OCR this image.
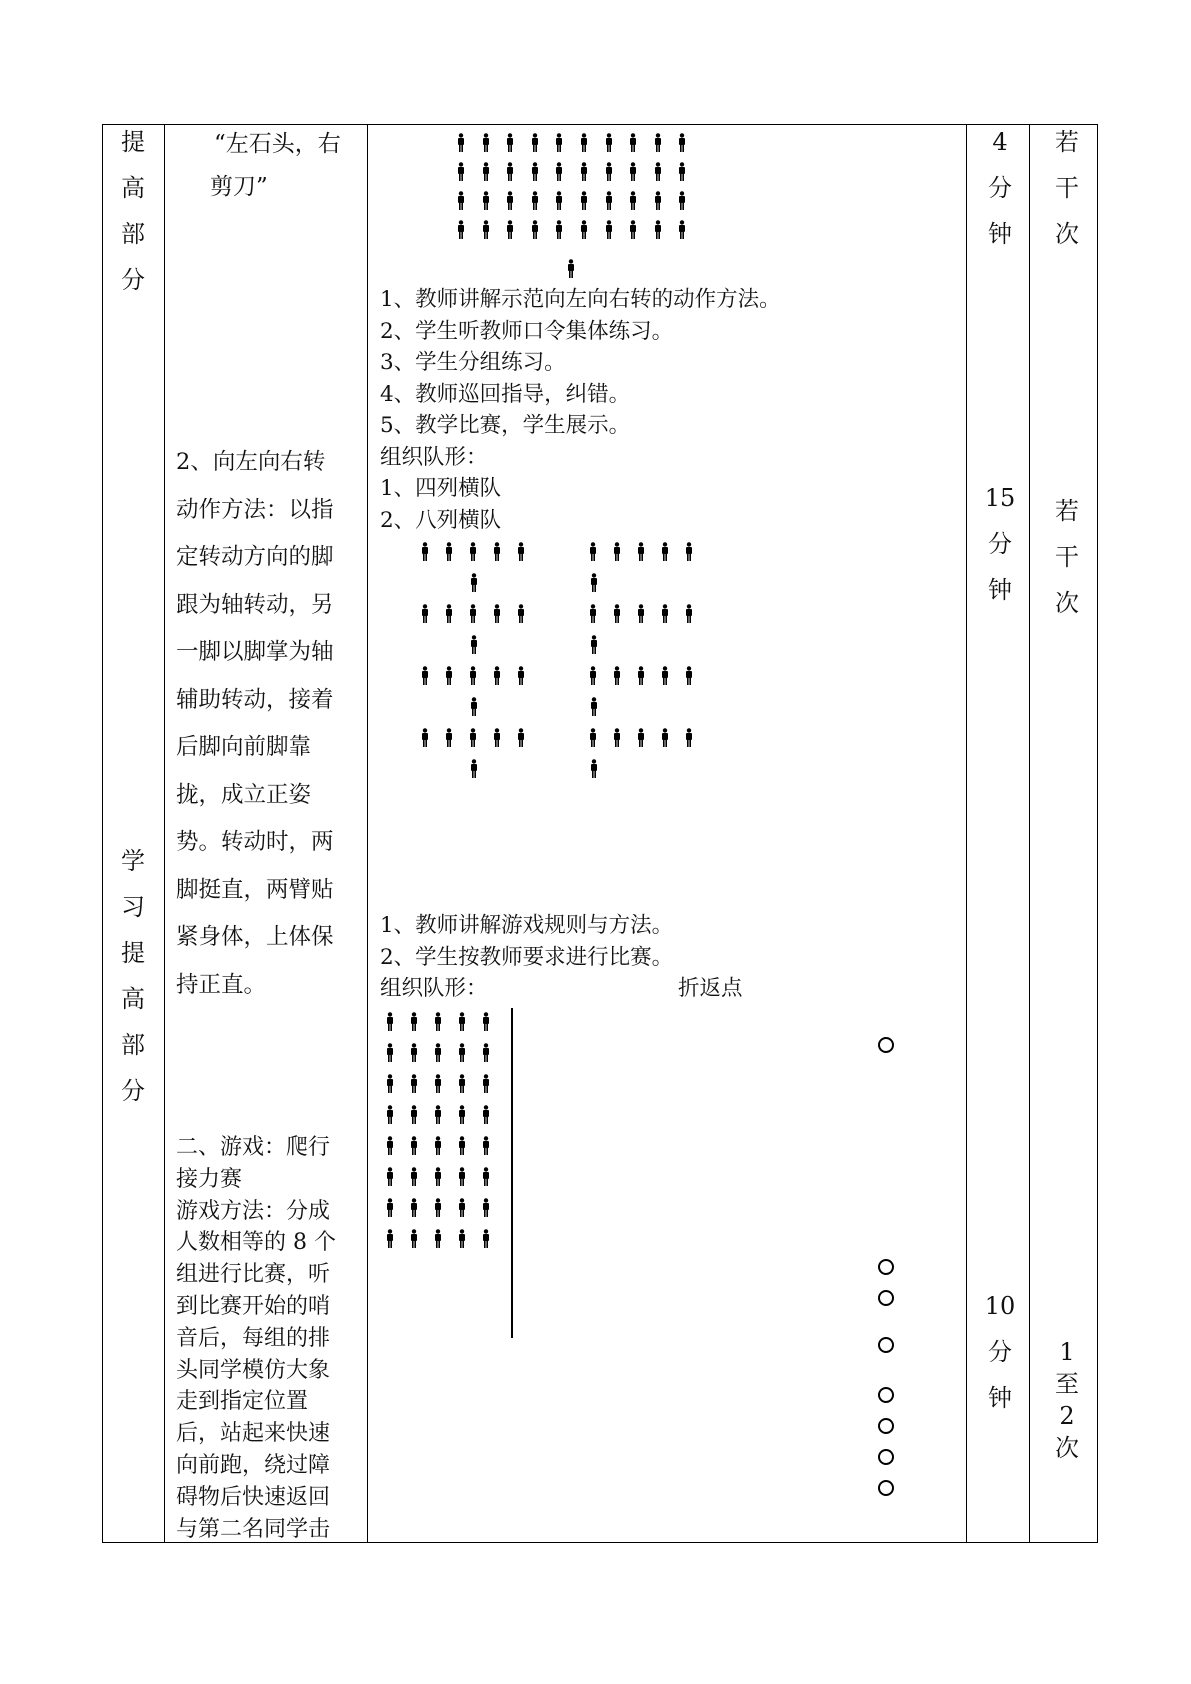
提
高
部
分
学
习
提
高
部
分
“左石头，右
剪刀”
2、向左向右转
动作方法：以指
定转动方向的脚
跟为轴转动，另
一脚以脚掌为轴
辅助转动，接着
后脚向前脚靠
拢，成立正姿
势。转动时，两
脚挺直，两臂贴
紧身体，上体保
持正直。
二、游戏：爬行
接力赛
游戏方法：分成
人数相等的 8 个
组进行比赛，听
到比赛开始的哨
音后，每组的排
头同学模仿大象
走到指定位置
后，站起来快速
向前跑，绕过障
碍物后快速返回
与第二名同学击
1、教师讲解示范向左向右转的动作方法。
2、学生听教师口令集体练习。
3、学生分组练习。
4、教师巡回指导，纠错。
5、教学比赛，学生展示。
组织队形：
1、四列横队
2、八列横队
1、教师讲解游戏规则与方法。
2、学生按教师要求进行比赛。
组织队形：	折返点
4
分
钟
15
分
钟
10
分
钟
若
干
次
若
干
次
1
至
2
次
